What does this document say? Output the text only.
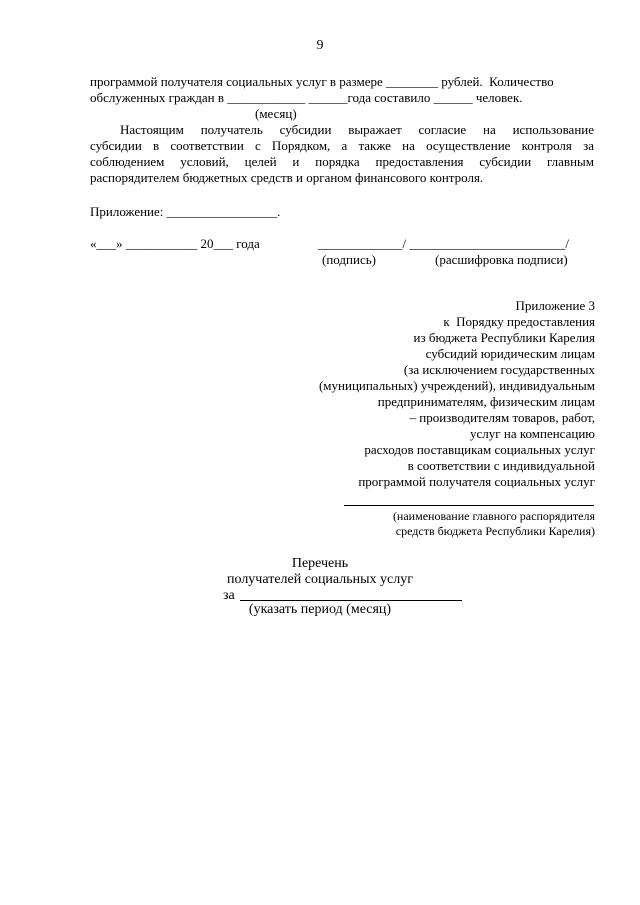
9
программой получателя социальных услуг в размере ________ рублей.  Количество
обслуженных граждан в ____________ ______года составило ______ человек.
(месяц)
Настоящим получатель субсидии выражает согласие на использование
субсидии в соответствии с Порядком, а также на осуществление контроля за
соблюдением условий, целей и порядка предоставления субсидии главным
распорядителем бюджетных средств и органом финансового контроля.
Приложение: _________________.
«___» ___________ 20___ года	_____________/ ________________________/
(подпись)	(расшифровка подписи)
Приложение 3
к  Порядку предоставления
из бюджета Республики Карелия
субсидий юридическим лицам
(за исключением государственных
(муниципальных) учреждений), индивидуальным
предпринимателям, физическим лицам
– производителям товаров, работ,
услуг на компенсацию
расходов поставщикам социальных услуг
в соответствии с индивидуальной
программой получателя социальных услуг
(наименование главного распорядителя
средств бюджета Республики Карелия)
Перечень
получателей социальных услуг
за
(указать период (месяц)
